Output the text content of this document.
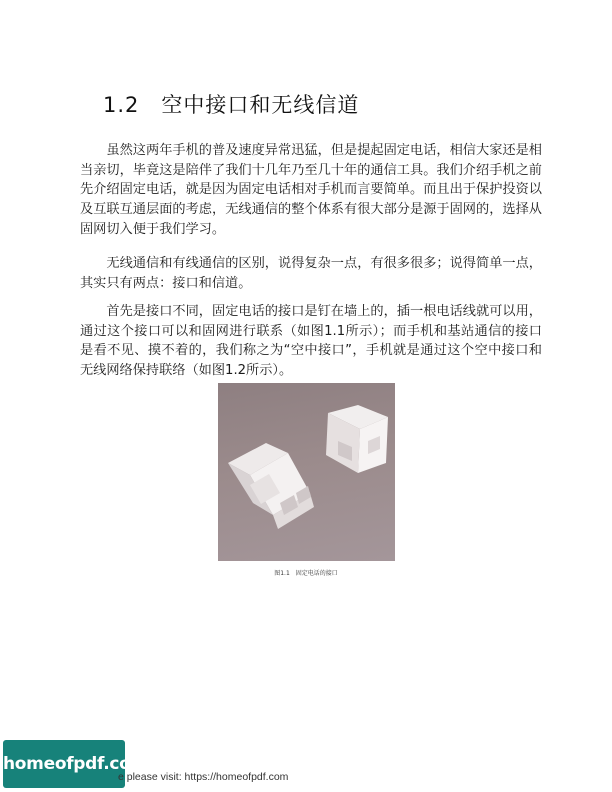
1.2 空中接口和无线信道

虽然这两年手机的普及速度异常迅猛，但是提起固定电话，相信大家还是相当亲切，毕竟这是陪伴了我们十几年乃至几十年的通信工具。我们介绍手机之前先介绍固定电话，就是因为固定电话相对手机而言要简单。而且出于保护投资以及互联互通层面的考虑，无线通信的整个体系有很大部分是源于固网的，选择从固网切入便于我们学习。

无线通信和有线通信的区别，说得复杂一点，有很多很多；说得简单一点，其实只有两点：接口和信道。

首先是接口不同，固定电话的接口是钉在墙上的，插一根电话线就可以用，通过这个接口可以和固网进行联系（如图1.1所示）；而手机和基站通信的接口是看不见、摸不着的，我们称之为“空中接口”，手机就是通过这个空中接口和无线网络保持联络（如图1.2所示）。

图1.1　固定电话的接口
homeofpdf.com
e please visit: https://homeofpdf.com
